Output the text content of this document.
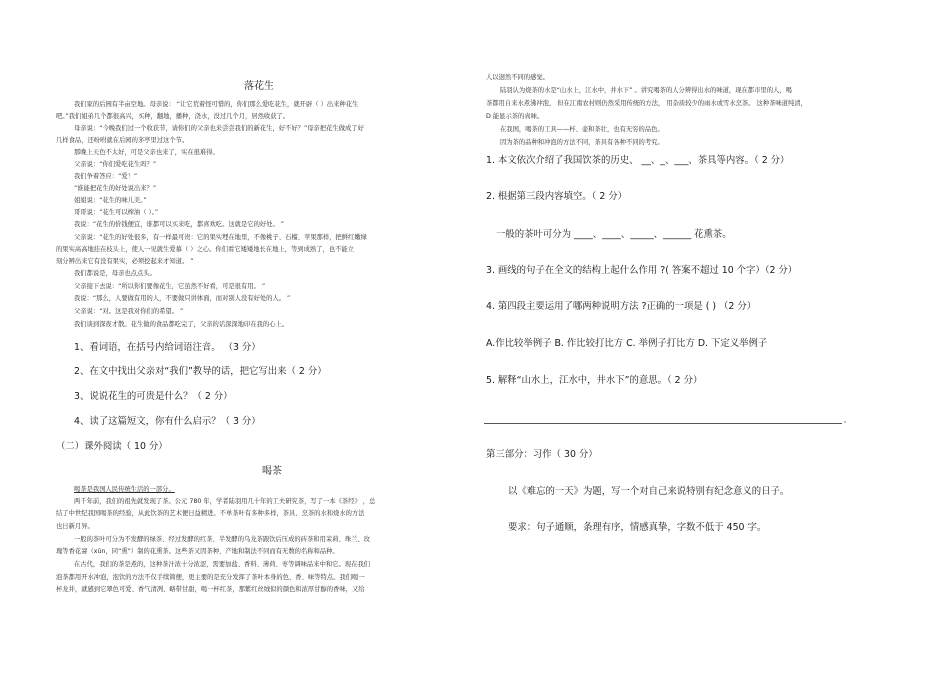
落花生
我们家的后园有半亩空地。母亲说： “让它荒着怪可惜的，你们那么爱吃花生，就开辟（ ）出来种花生
吧。”我们姐弟几个都很高兴，买种，翻地，播种，浇水，没过几个月，居然收获了。
母亲说：“今晚我们过一个收获节，请你们的父亲也来尝尝我们的新花生，好不好？”母亲把花生做成了好
几样食品，还吩咐就在后园的茅亭里过这个节。
那晚上天色不太好，可是父亲也来了，实在很难得。
父亲说：“你们爱吃花生吗？”
我们争着答应：“爱！”
“谁能把花生的好处说出来？”
姐姐说：“花生的味儿美。”
哥哥说：“花生可以榨油（ ）。”
我说：“花生的价钱便宜，谁都可以买来吃，都喜欢吃。这就是它的好处。 ”
父亲说：“花生的好处很多，有一样最可贵：它的果实埋在地里，不像桃子、石榴、苹果那样，把鲜红嫩绿
的果实高高地挂在枝头上，使人一见就生爱慕（ ）之心。你们看它矮矮地长在地上，等到成熟了，也不能立
刻分辨出来它有没有果实，必须挖起来才知道。 ”
我们都说是，母亲也点点头。
父亲接下去说：“所以你们要像花生，它虽然不好看，可是很有用。 ”
我说：“那么，人要做有用的人，不要做只讲体面，而对别人没有好处的人。 ”
父亲说：“对。这是我对你们的希望。 ”
我们谈到深夜才散。花生做的食品都吃完了，父亲的话深深地印在我的心上。
1、看词语，在括号内给词语注音。 （3 分）
2、在文中找出父亲对“我们”教导的话，把它写出来（ 2 分）
3、说说花生的可贵是什么？（ 2 分）
4、读了这篇短文，你有什么启示？（ 3 分）
（二）课外阅读（ 10 分）
喝茶
喝茶是我国人民传统生活的一部分。
两千年前，我们的祖先就发现了茶。公元 780 年，学者陆羽用几十年的工夫研究茶，写了一本《茶经》 ，总
结了中世纪我国喝茶的经验，从此饮茶的艺术便日益精进。不单茶叶有多种多样，茶具、烹茶的水和烧水的方法
也日新月异。
一般的茶叶可分为不发酵的绿茶、经过发酵的红茶、半发酵的乌龙茶跟饮后压成的砖茶和用茉莉、珠兰、玫
瑰等香花窨（xūn，同“熏”）制的花熏茶。这些茶又因茶种、产地和制法不同而有无数的名称和品种。
在古代，我们的茶是煮的，这种茶汁浓十分浓涩，需要加盐、香料、薄荷、枣等调味品来中和它。现在我们
泡茶都用开水冲泡，泡饮的方法不仅手续简便，更主要的是充分发挥了茶叶本身的色、香、味等特点。我们喝一
杯龙井，就感到它翠色可爱、香气清冽、略带甘甜，喝一杯红茶，那紫红丝绒似的颜色和浓厚甘醇的香味，又给
人以迥然不同的感觉。
陆羽认为烧茶的水是“山水上，江水中，井水下” 。讲究喝茶的人分辨得出水的味道，现在都市里的人，喝
茶都用自来水煮沸冲泡， 但在江南农村则仍然采用传统的方法， 用杂质较少的雨水或雪水烹茶。 这种茶味道纯清，
D 能显示茶的真味。
在我国，喝茶的工具——杯、壶和茶壮，也有无穷的品色。
因为茶的品种和冲泡的方法不同，茶具有各种不同的考究。
1. 本文依次介绍了我国饮茶的历史、 __、_、___、茶具等内容。（ 2 分）
2. 根据第三段内容填空。（ 2 分）
一般的茶叶可分为 ____、____、_____、______ 花熏茶。
3. 画线的句子在全文的结构上起什么作用 ?( 答案不超过 10 个字）（2 分）
4. 第四段主要运用了哪两种说明方法 ?正确的一项是 ( ) （2 分）
A.作比较举例子 B. 作比较打比方 C. 举例子打比方 D. 下定义举例子
5. 解释“山水上，江水中，井水下”的意思。（ 2 分）
。
第三部分：习作（ 30 分）
以《难忘的一天》为题，写一个对自己来说特别有纪念意义的日子。
要求：句子通顺，条理有序，情感真挚，字数不低于 450 字。
